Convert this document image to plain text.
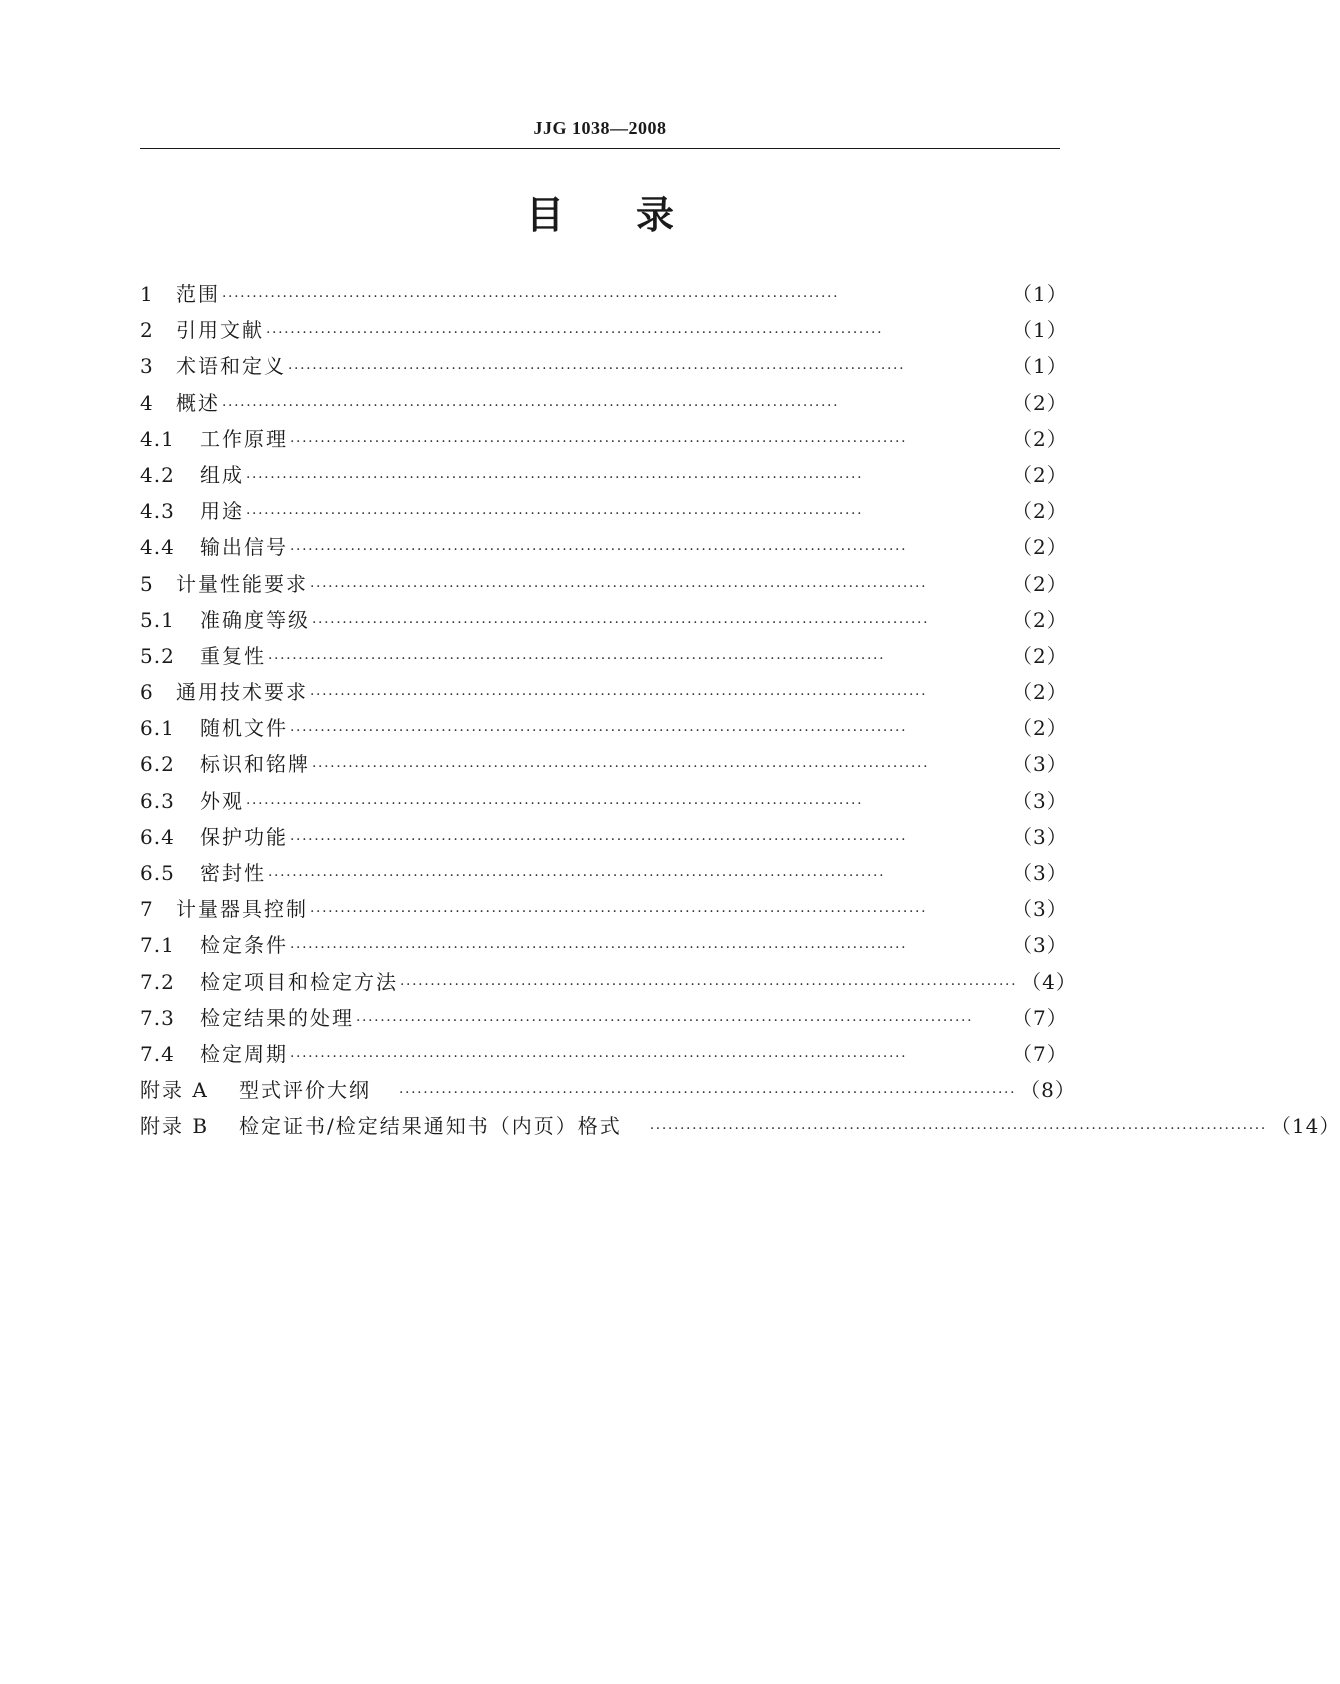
JJG 1038—2008
目 录
1	范围 ······································································································	（1）
2	引用文献 ······································································································	（1）
3	术语和定义 ······································································································	（1）
4	概述 ······································································································	（2）
4.1	工作原理 ······································································································	（2）
4.2	组成 ······································································································	（2）
4.3	用途 ······································································································	（2）
4.4	输出信号 ······································································································	（2）
5	计量性能要求 ······································································································	（2）
5.1	准确度等级 ······································································································	（2）
5.2	重复性 ······································································································	（2）
6	通用技术要求 ······································································································	（2）
6.1	随机文件 ······································································································	（2）
6.2	标识和铭牌 ······································································································	（3）
6.3	外观 ······································································································	（3）
6.4	保护功能 ······································································································	（3）
6.5	密封性 ······································································································	（3）
7	计量器具控制 ······································································································	（3）
7.1	检定条件 ······································································································	（3）
7.2	检定项目和检定方法 ······································································································ （4）
7.3	检定结果的处理 ······································································································	（7）
7.4	检定周期 ······································································································	（7）
附录 A	型式评价大纲	······································································································ （8）
附录 B	检定证书/检定结果通知书（内页）格式	······································································································ （14）
